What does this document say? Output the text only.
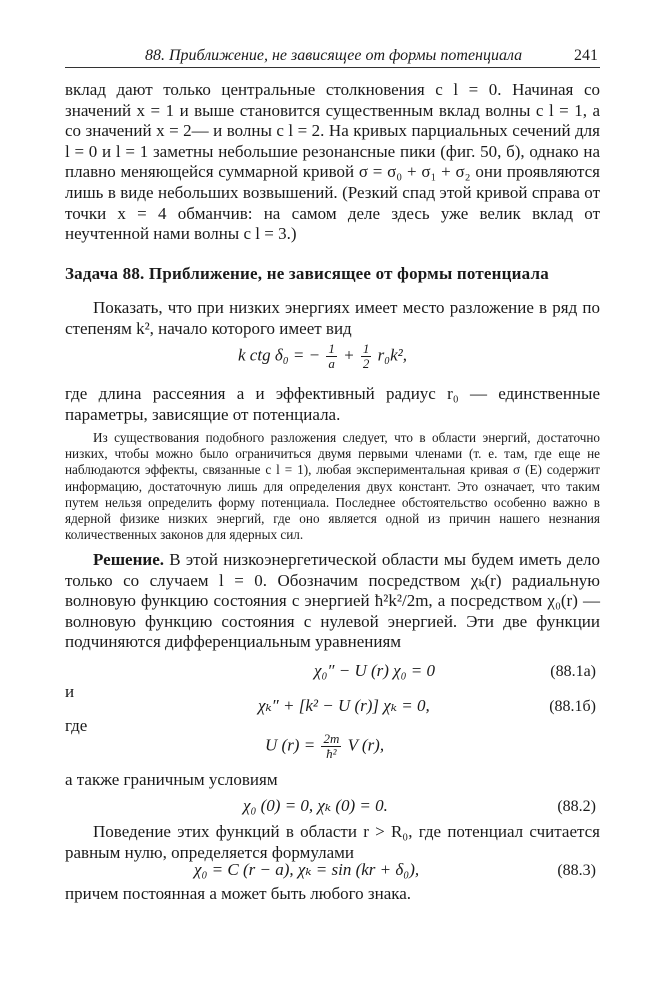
88. Приближение, не зависящее от формы потенциала	241

вклад дают только центральные столкновения с l = 0. Начиная со значений x = 1 и выше становится существенным вклад волны с l = 1, а со значений x = 2— и волны с l = 2. На кривых парциальных сечений для l = 0 и l = 1 заметны небольшие резонансные пики (фиг. 50, б), однако на плавно меняющейся суммарной кривой σ = σ₀ + σ₁ + σ₂ они проявляются лишь в виде небольших возвышений. (Резкий спад этой кривой справа от точки x = 4 обманчив: на самом деле здесь уже велик вклад от неучтенной нами волны с l = 3.)

Задача 88. Приближение, не зависящее от формы потенциала

Показать, что при низких энергиях имеет место разложение в ряд по степеням k², начало которого имеет вид

k ctg δ₀ = − $\frac{1}{a} + \frac{1}{2} r_0k^2$,

где длина рассеяния a и эффективный радиус r₀ — единственные параметры, зависящие от потенциала.

Из существования подобного разложения следует, что в области энергий, достаточно низких, чтобы можно было ограничиться двумя первыми членами (т. е. там, где еще не наблюдаются эффекты, связанные с l = 1), любая экспериментальная кривая σ (E) содержит информацию, достаточную лишь для определения двух констант. Это означает, что таким путем нельзя определить форму потенциала. Последнее обстоятельство особенно важно в ядерной физике низких энергий, где оно является одной из причин нашего незнания количественных законов для ядерных сил.

Решение. В этой низкоэнергетической области мы будем иметь дело только со случаем l = 0. Обозначим посредством χₖ(r) радиальную волновую функцию состояния с энергией ħ²k²/2m, а посредством χ₀(r) — волновую функцию состояния с нулевой энергией. Эти две функции подчиняются дифференциальным уравнениям

χ₀″ − U (r) χ₀ = 0	(88.1а)
и
χₖ″ + [k² − U (r)] χₖ = 0,	(88.1б)
где
U $(r) = \frac{2m}{\text{ħ²}}$ V (r),
а также граничным условиям
χ₀ (0) = 0, χₖ (0) = 0.	(88.2)

Поведение этих функций в области r > R₀, где потенциал считается равным нулю, определяется формулами

χ₀ = C (r − a), χₖ = sin (kr + δ₀),	(88.3)
причем постоянная a может быть любого знака.
